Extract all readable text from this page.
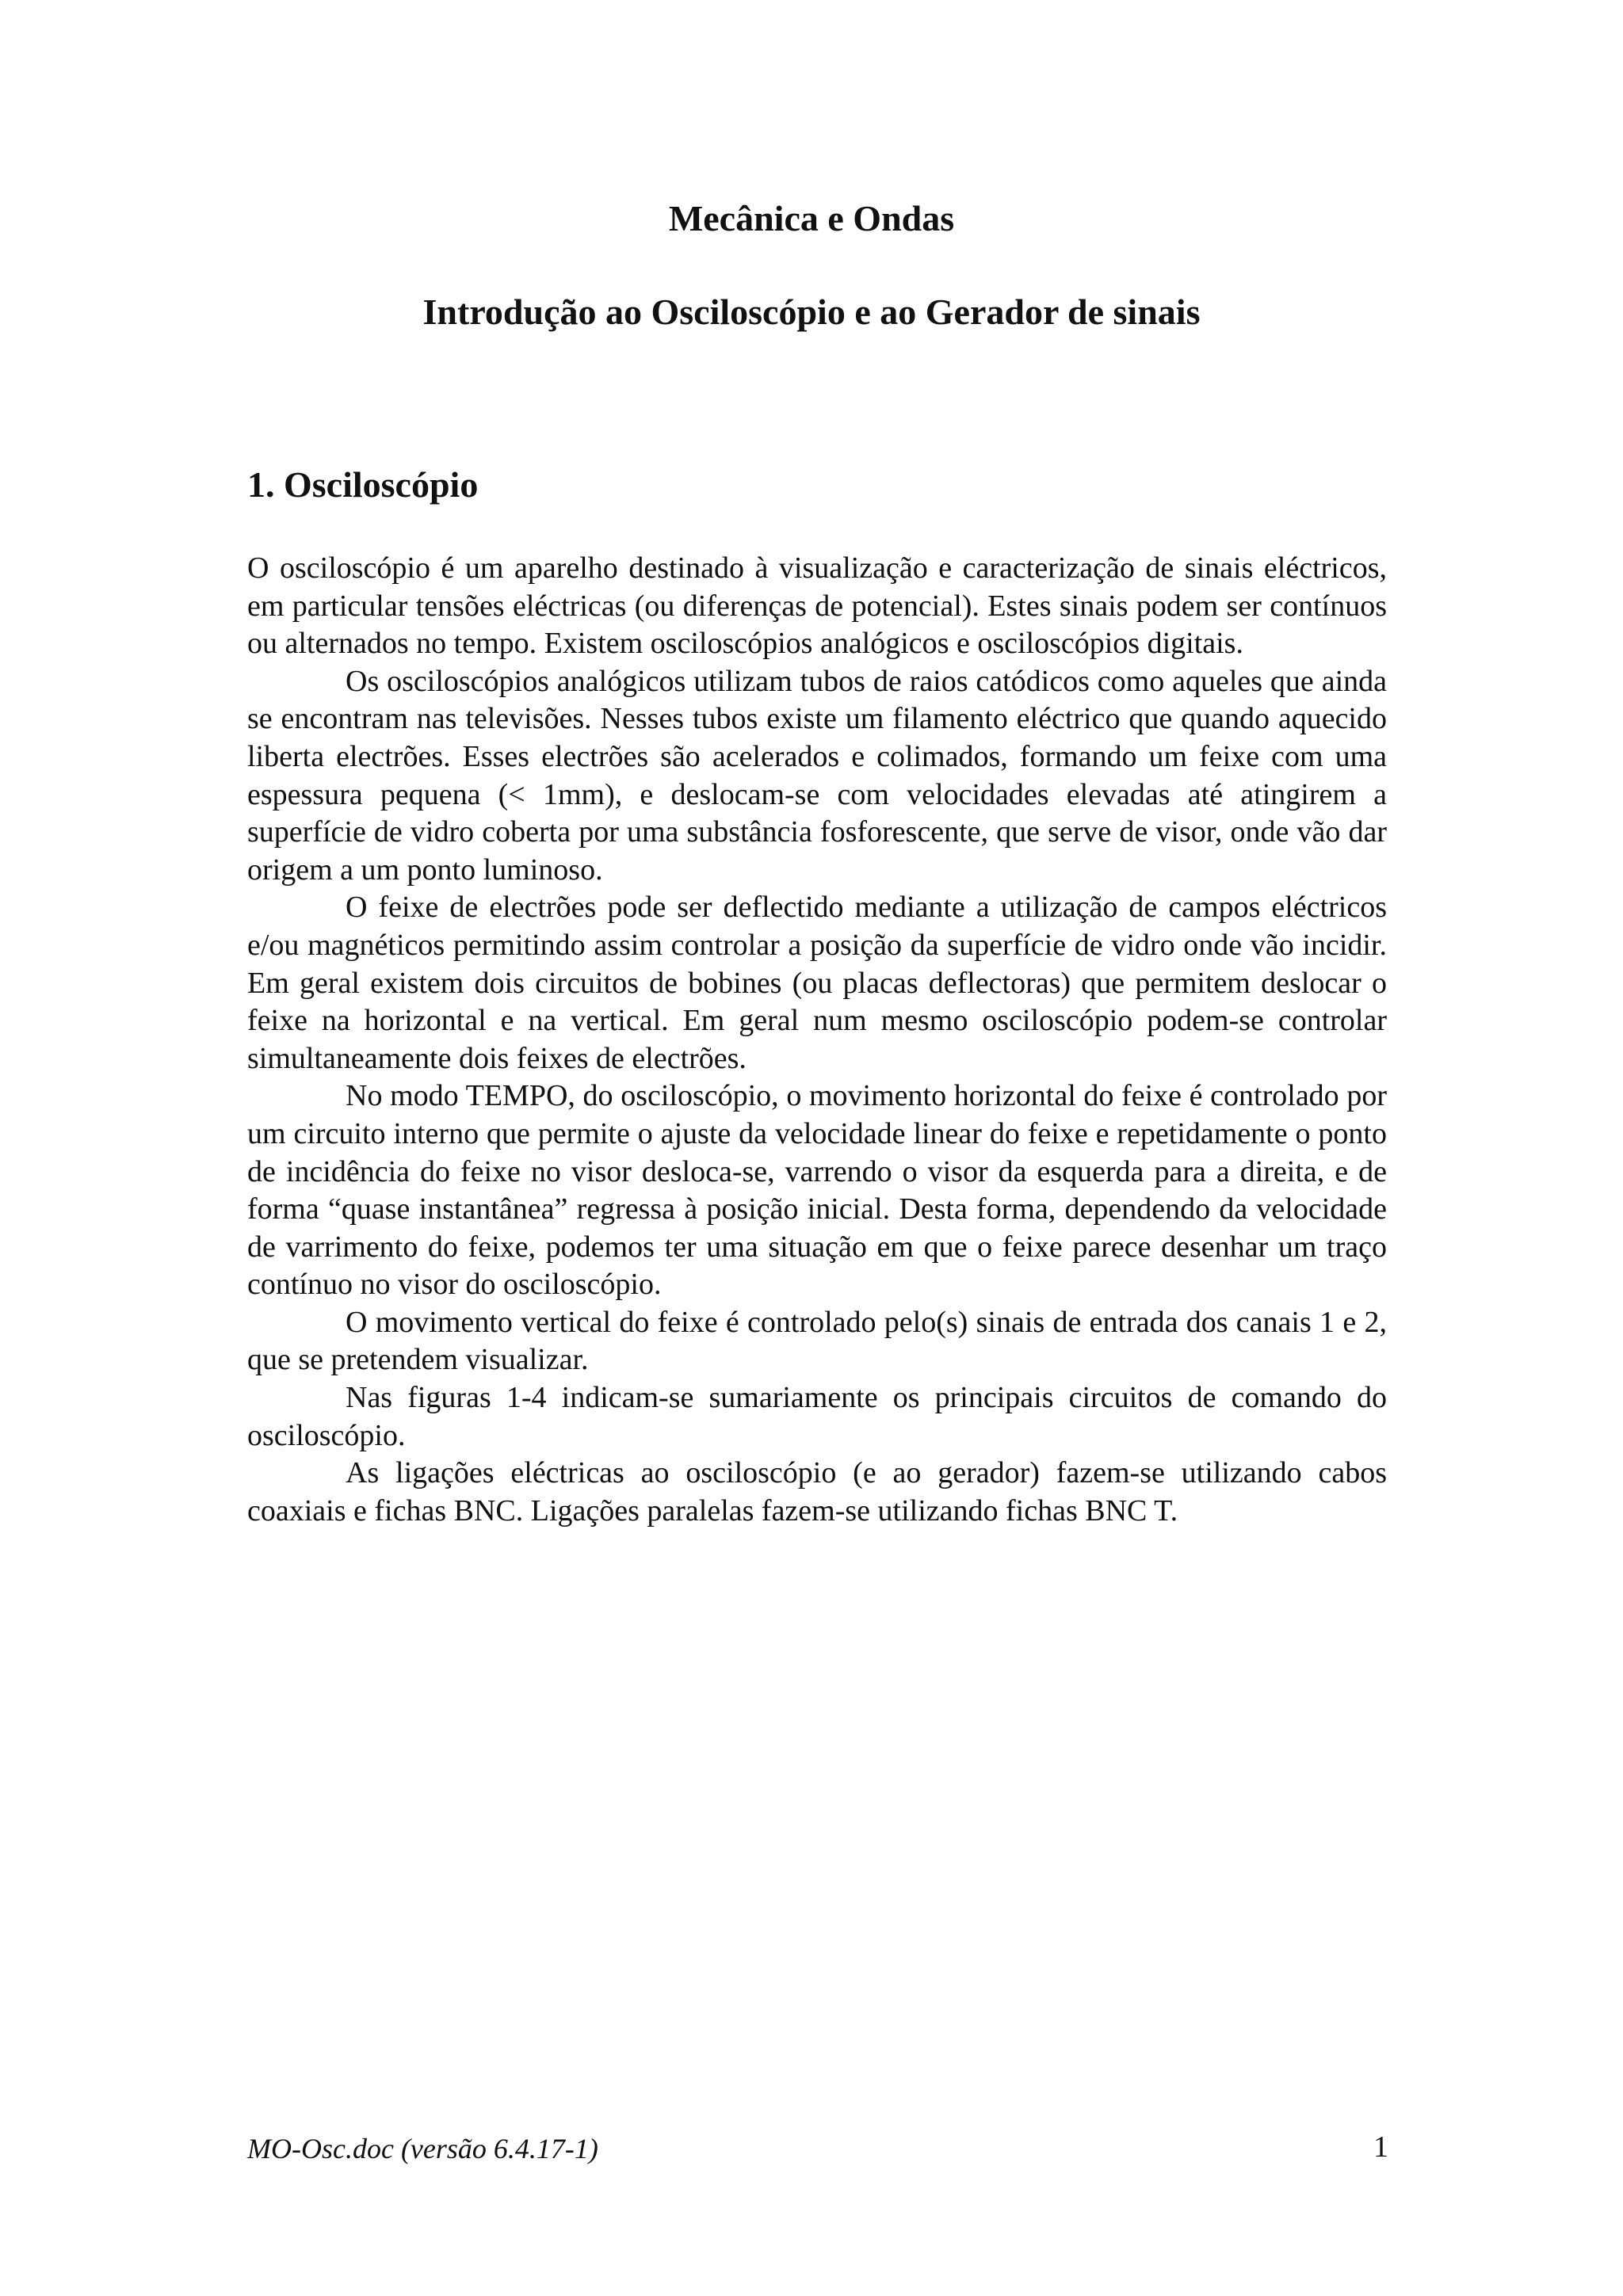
Mecânica e Ondas
Introdução ao Osciloscópio e ao Gerador de sinais
1. Osciloscópio

O osciloscópio é um aparelho destinado à visualização e caracterização de sinais eléctricos, em particular tensões eléctricas (ou diferenças de potencial). Estes sinais podem ser contínuos ou alternados no tempo. Existem osciloscópios analógicos e osciloscópios digitais.

Os osciloscópios analógicos utilizam tubos de raios catódicos como aqueles que ainda se encontram nas televisões. Nesses tubos existe um filamento eléctrico que quando aquecido liberta electrões. Esses electrões são acelerados e colimados, formando um feixe com uma espessura pequena (< 1mm), e deslocam-se com velocidades elevadas até atingirem a superfície de vidro coberta por uma substância fosforescente, que serve de visor, onde vão dar origem a um ponto luminoso.

O feixe de electrões pode ser deflectido mediante a utilização de campos eléctricos e/ou magnéticos permitindo assim controlar a posição da superfície de vidro onde vão incidir. Em geral existem dois circuitos de bobines (ou placas deflectoras) que permitem deslocar o feixe na horizontal e na vertical. Em geral num mesmo osciloscópio podem-se controlar simultaneamente dois feixes de electrões.

No modo TEMPO, do osciloscópio, o movimento horizontal do feixe é controlado por um circuito interno que permite o ajuste da velocidade linear do feixe e repetidamente o ponto de incidência do feixe no visor desloca-se, varrendo o visor da esquerda para a direita, e de forma “quase instantânea” regressa à posição inicial. Desta forma, dependendo da velocidade de varrimento do feixe, podemos ter uma situação em que o feixe parece desenhar um traço contínuo no visor do osciloscópio.

O movimento vertical do feixe é controlado pelo(s) sinais de entrada dos canais 1 e 2, que se pretendem visualizar.

Nas figuras 1-4 indicam-se sumariamente os principais circuitos de comando do osciloscópio.

As ligações eléctricas ao osciloscópio (e ao gerador) fazem-se utilizando cabos coaxiais e fichas BNC. Ligações paralelas fazem-se utilizando fichas BNC T.

MO-Osc.doc (versão 6.4.17-1)	1
